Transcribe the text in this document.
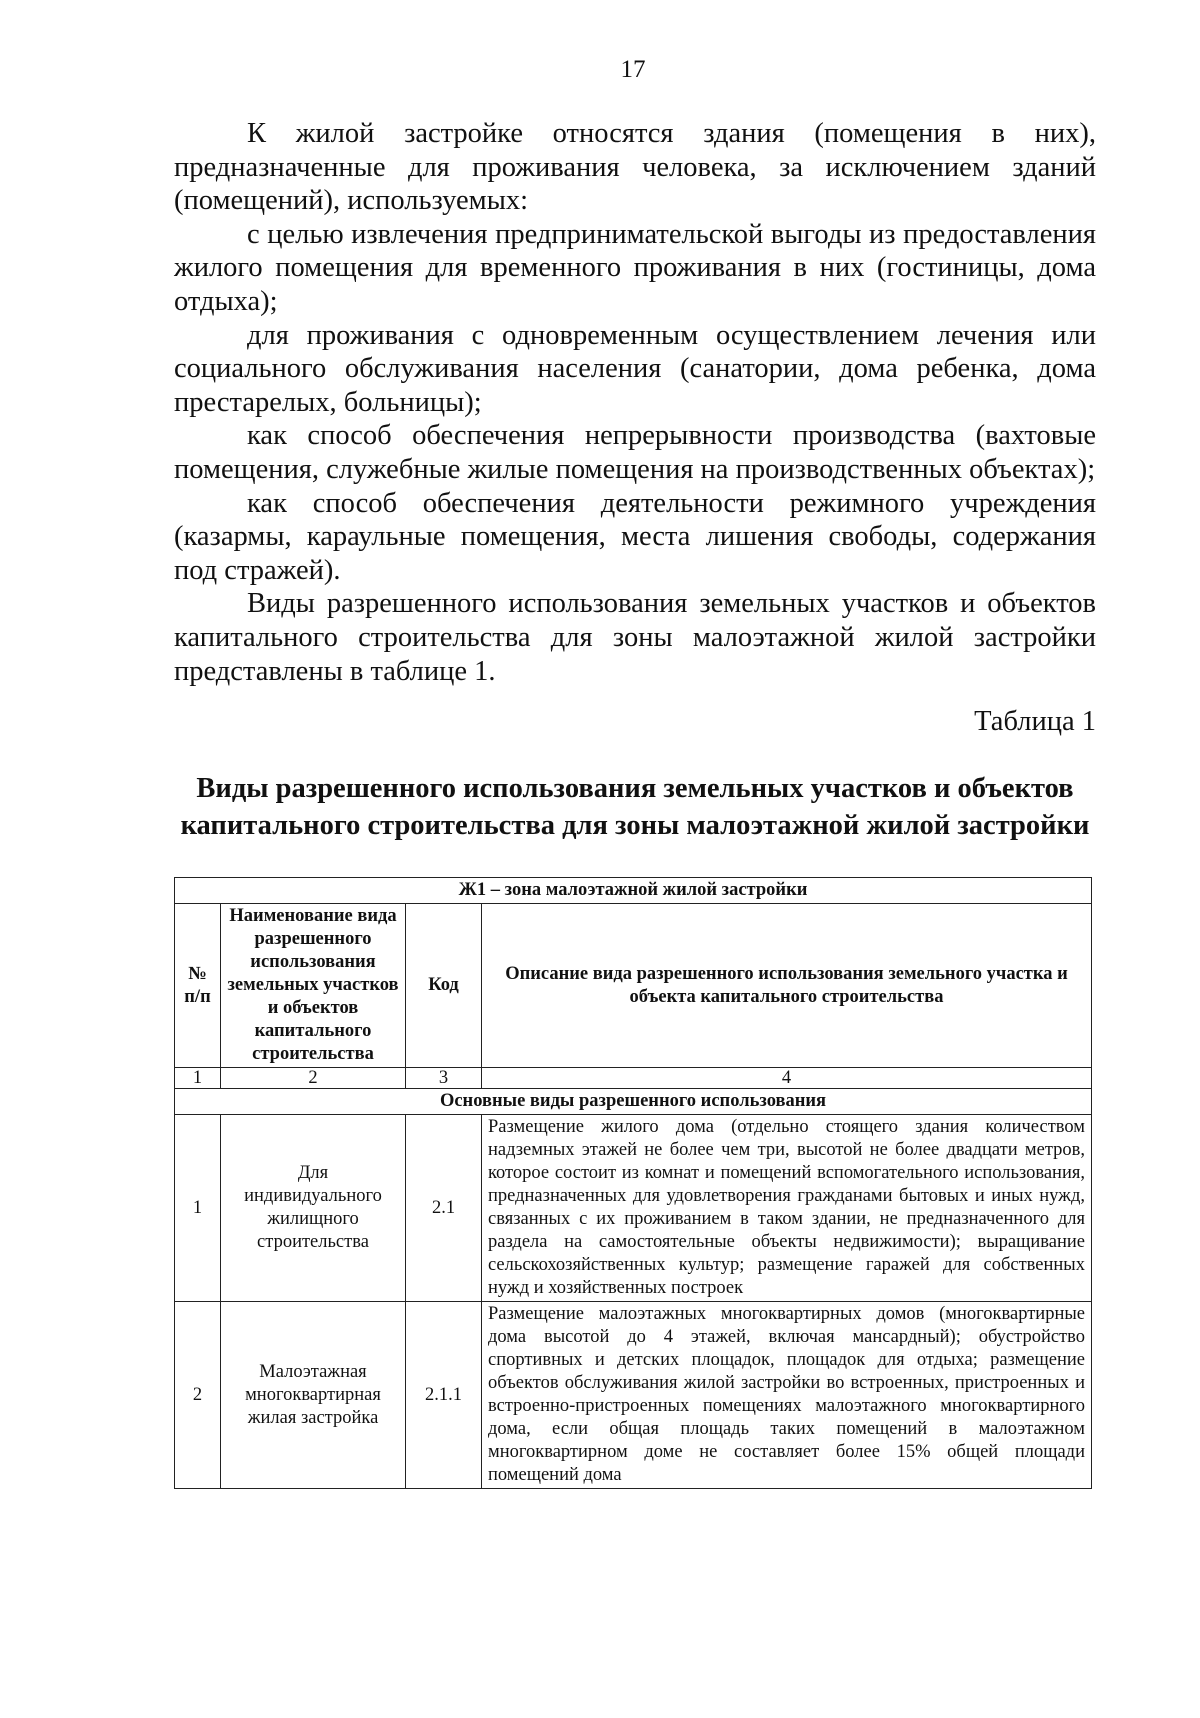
17

К жилой застройке относятся здания (помещения в них), предназначенные для проживания человека, за исключением зданий (помещений), используемых:

с целью извлечения предпринимательской выгоды из предоставления жилого помещения для временного проживания в них (гостиницы, дома отдыха);

для проживания с одновременным осуществлением лечения или социального обслуживания населения (санатории, дома ребенка, дома престарелых, больницы);

как способ обеспечения непрерывности производства (вахтовые помещения, служебные жилые помещения на производственных объектах);

как способ обеспечения деятельности режимного учреждения (казармы, караульные помещения, места лишения свободы, содержания под стражей).

Виды разрешенного использования земельных участков и объектов капитального строительства для зоны малоэтажной жилой застройки представлены в таблице 1.

Таблица 1
Виды разрешенного использования земельных участков и объектов капитального строительства для зоны малоэтажной жилой застройки
Ж1 – зона малоэтажной жилой застройки			
№ п/п	Наименование вида разрешенного использования земельных участков и объектов капитального строительства	Код	Описание вида разрешенного использования земельного участка и объекта капитального строительства
1	2	3	4
Основные виды разрешенного использования			
1	Для индивидуального жилищного строительства	2.1	Размещение жилого дома (отдельно стоящего здания количеством надземных этажей не более чем три, высотой не более двадцати метров, которое состоит из комнат и помещений вспомогательного использования, предназначенных для удовлетворения гражданами бытовых и иных нужд, связанных с их проживанием в таком здании, не предназначенного для раздела на самостоятельные объекты недвижимости); выращивание сельскохозяйственных культур; размещение гаражей для собственных нужд и хозяйственных построек
2	Малоэтажная многоквартирная жилая застройка	2.1.1	Размещение малоэтажных многоквартирных домов (многоквартирные дома высотой до 4 этажей, включая мансардный); обустройство спортивных и детских площадок, площадок для отдыха; размещение объектов обслуживания жилой застройки во встроенных, пристроенных и встроенно-пристроенных помещениях малоэтажного многоквартирного дома, если общая площадь таких помещений в малоэтажном многоквартирном доме не составляет более 15% общей площади помещений дома
